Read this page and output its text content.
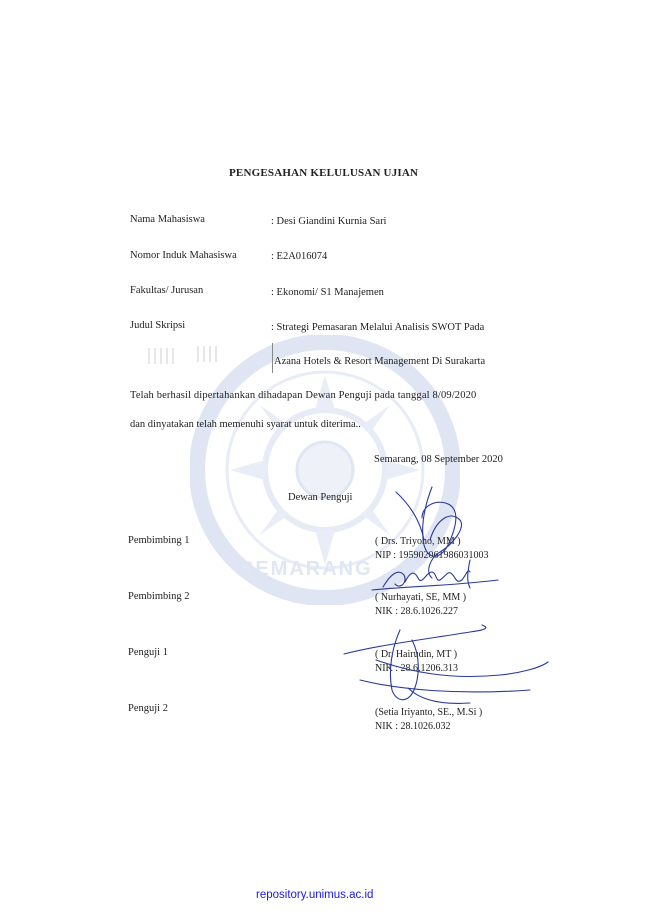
SEMARANG
PENGESAHAN KELULUSAN UJIAN
Nama Mahasiswa	: Desi Giandini Kurnia Sari
Nomor Induk Mahasiswa	: E2A016074
Fakultas/ Jurusan	: Ekonomi/ S1 Manajemen
Judul Skripsi	: Strategi Pemasaran Melalui Analisis SWOT Pada
Azana Hotels & Resort Management Di Surakarta
Telah berhasil dipertahankan dihadapan Dewan Penguji pada tanggal 8/09/2020
dan dinyatakan telah memenuhi syarat untuk diterima..
Semarang, 08 September 2020
Dewan Penguji
Pembimbing 1	( Drs. Triyono, MM )
NIP : 195902061986031003
Pembimbing 2	( Nurhayati, SE, MM )
NIK : 28.6.1026.227
Penguji 1	( Dr. Hairudin, MT )
NIK : 28.6.1206.313
Penguji 2	(Setia Iriyanto, SE., M.Si )
NIK : 28.1026.032
repository.unimus.ac.id
